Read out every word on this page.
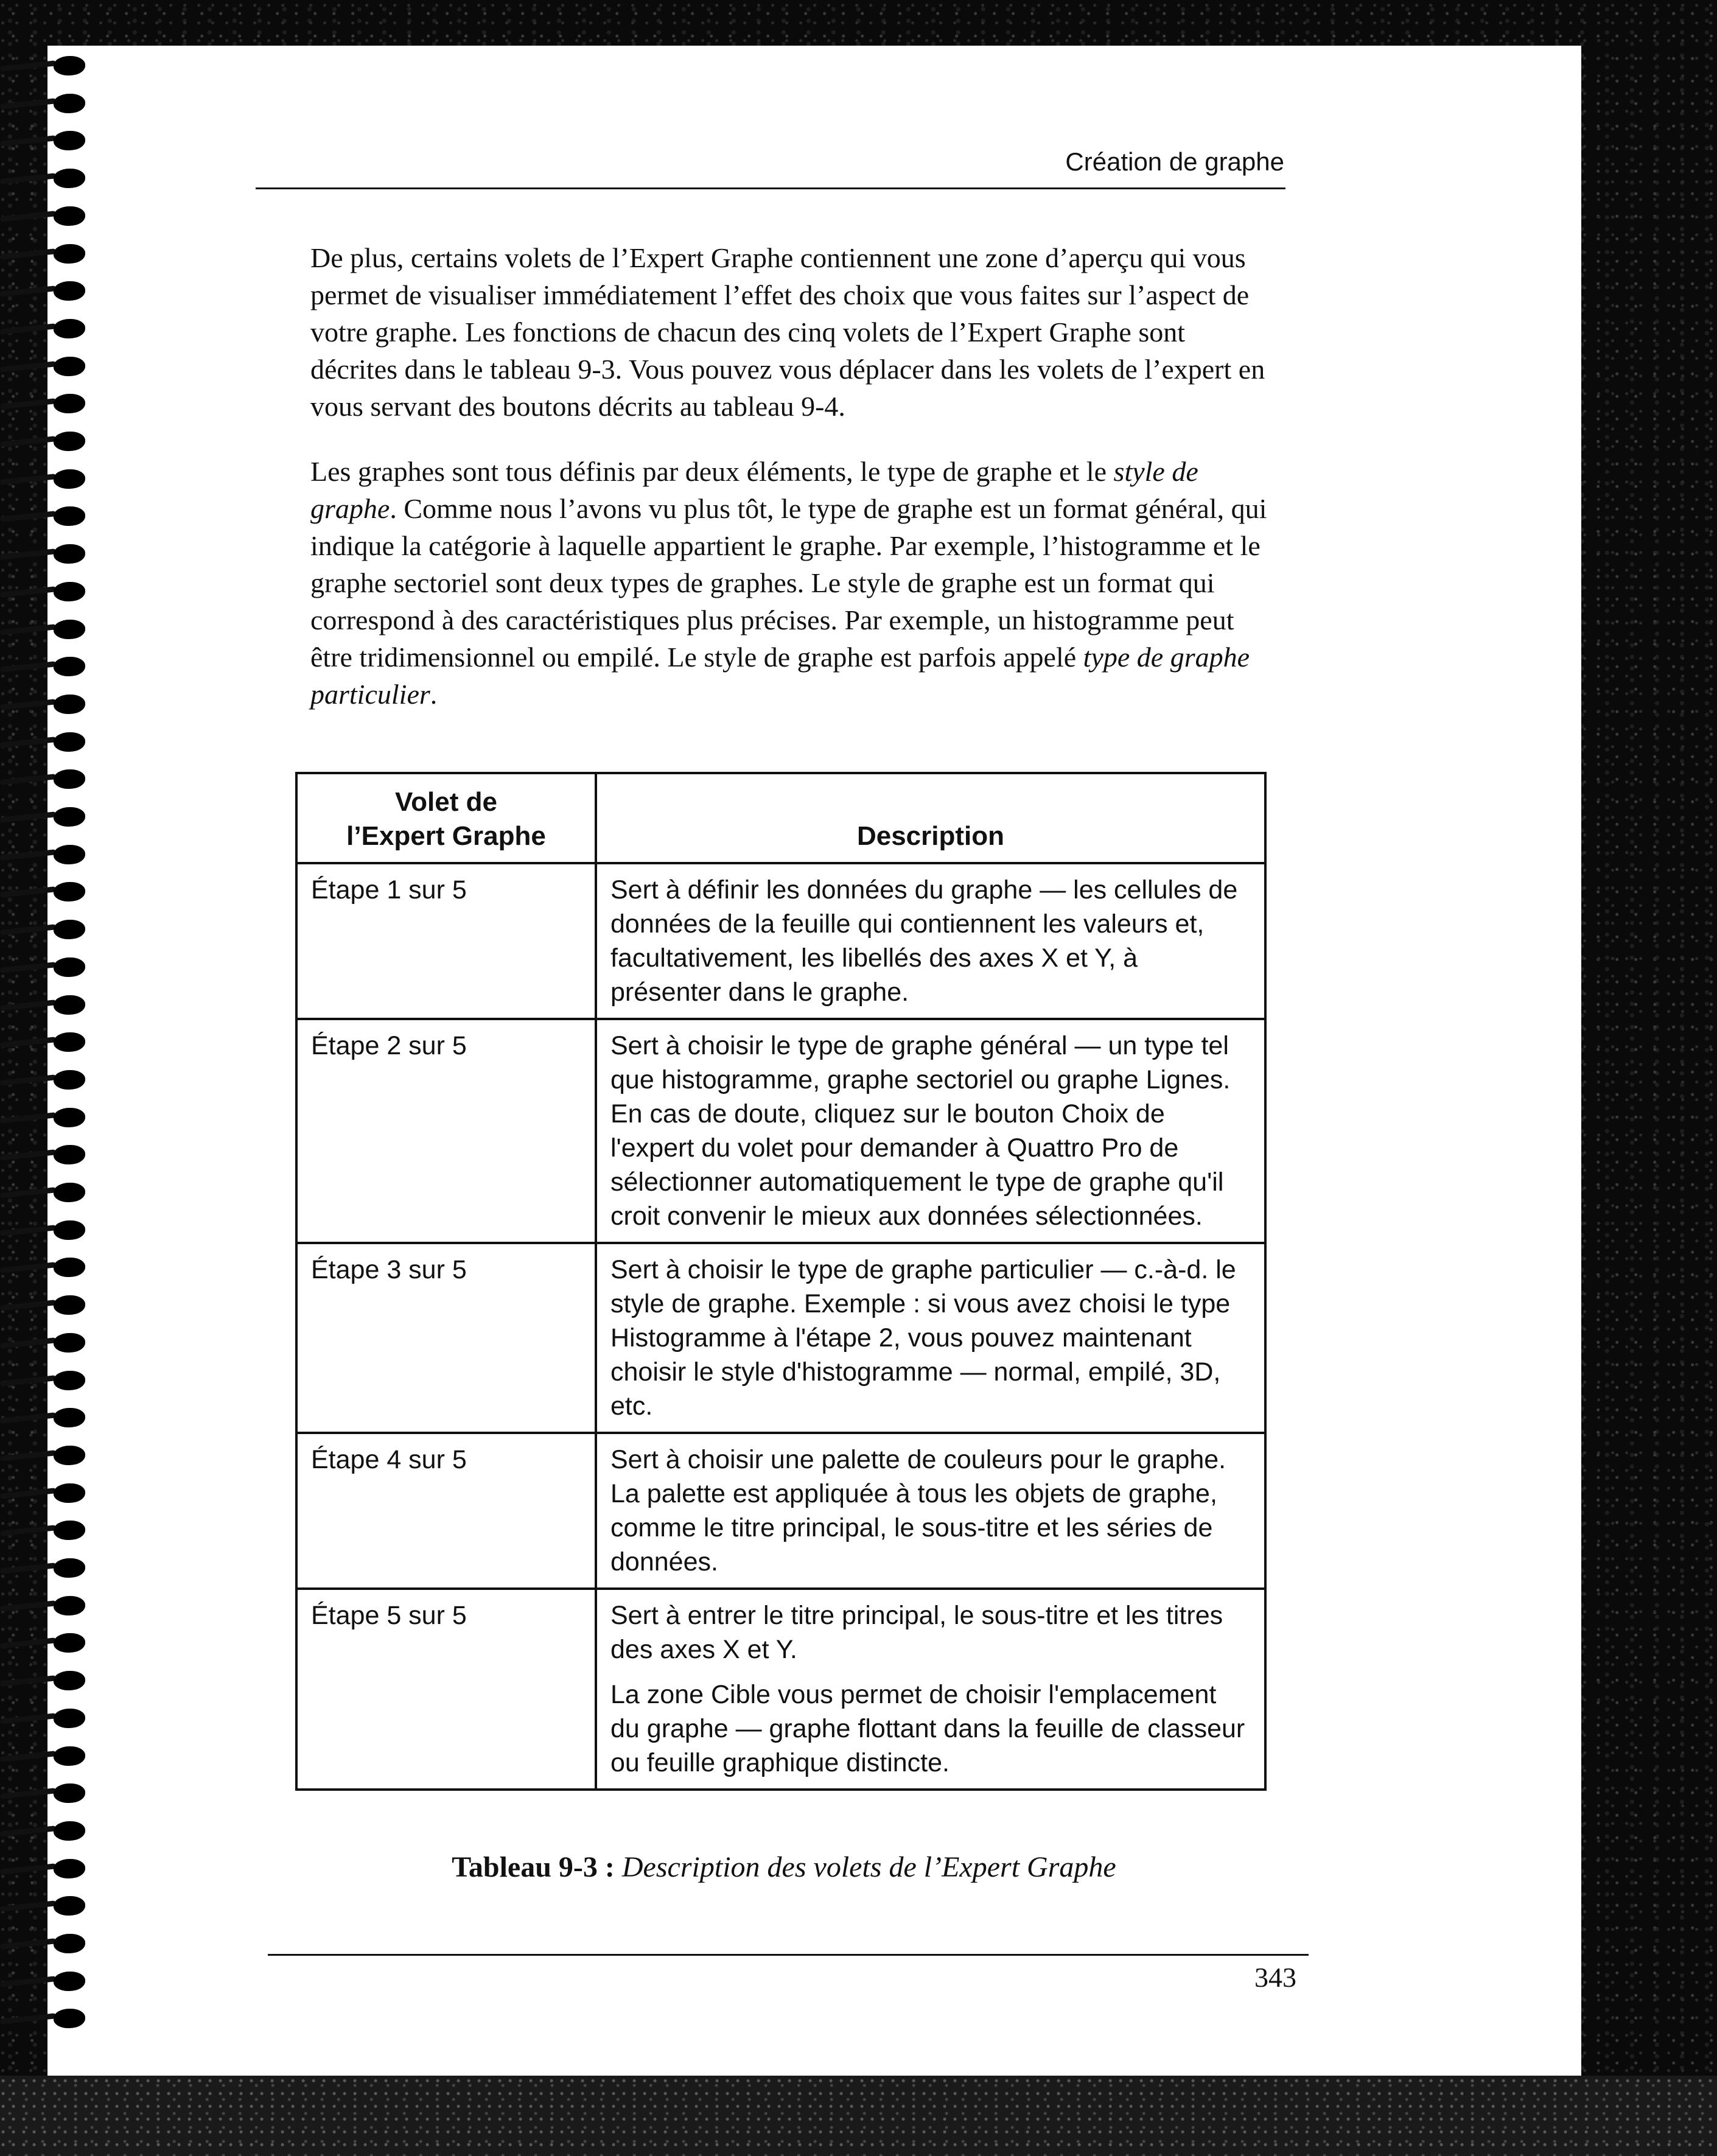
Création de graphe

De plus, certains volets de l’Expert Graphe contiennent une zone d’aperçu qui vous permet de visualiser immédiatement l’effet des choix que vous faites sur l’aspect de votre graphe. Les fonctions de chacun des cinq volets de l’Expert Graphe sont décrites dans le tableau 9-3. Vous pouvez vous déplacer dans les volets de l’expert en vous servant des boutons décrits au tableau 9-4.

Les graphes sont tous définis par deux éléments, le type de graphe et le style de graphe. Comme nous l’avons vu plus tôt, le type de graphe est un format général, qui indique la catégorie à laquelle appartient le graphe. Par exemple, l’histogramme et le graphe sectoriel sont deux types de graphes. Le style de graphe est un format qui correspond à des caractéristiques plus précises. Par exemple, un histogramme peut être tridimensionnel ou empilé. Le style de graphe est parfois appelé type de graphe particulier.

Volet de
l’Expert Graphe	Description
Étape 1 sur 5	Sert à définir les données du graphe — les cellules de données de la feuille qui contiennent les valeurs et, facultativement, les libellés des axes X et Y, à présenter dans le graphe.
Étape 2 sur 5	Sert à choisir le type de graphe général — un type tel que histogramme, graphe sectoriel ou graphe Lignes. En cas de doute, cliquez sur le bouton Choix de l'expert du volet pour demander à Quattro Pro de sélectionner automatiquement le type de graphe qu'il croit convenir le mieux aux données sélectionnées.
Étape 3 sur 5	Sert à choisir le type de graphe particulier — c.-à-d. le style de graphe. Exemple : si vous avez choisi le type Histogramme à l'étape 2, vous pouvez maintenant choisir le style d'histogramme — normal, empilé, 3D, etc.
Étape 4 sur 5	Sert à choisir une palette de couleurs pour le graphe. La palette est appliquée à tous les objets de graphe, comme le titre principal, le sous-titre et les séries de données.
Étape 5 sur 5	Sert à entrer le titre principal, le sous-titre et les titres des axes X et Y.

La zone Cible vous permet de choisir l'emplacement du graphe — graphe flottant dans la feuille de classeur ou feuille graphique distincte.

Tableau 9-3 : Description des volets de l’Expert Graphe
343
